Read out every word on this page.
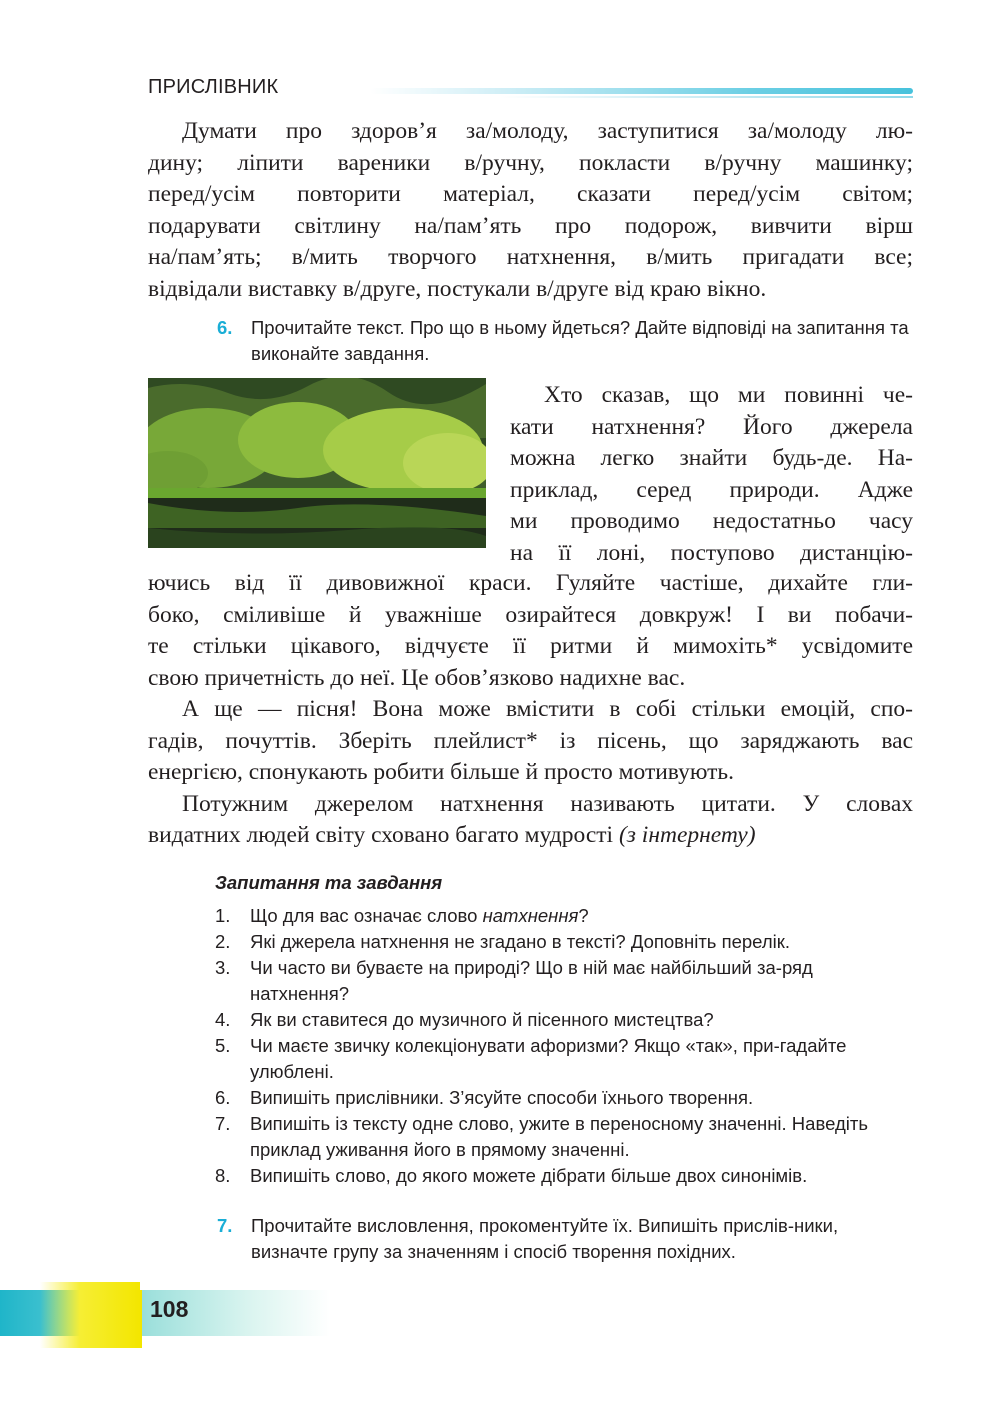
ПРИСЛІВНИК
Думати про здоров’я за/молоду, заступитися за/молоду лю-
дину; ліпити вареники в/ручну, покласти в/ручну машинку;
перед/усім повторити матеріал, сказати перед/усім світом;
подарувати світлину на/пам’ять про подорож, вивчити вірш
на/пам’ять; в/мить творчого натхнення, в/мить пригадати все;
відвідали виставку в/друге, постукали в/друге від краю вікно.
6. Прочитайте текст. Про що в ньому йдеться? Дайте відповіді на запитання та виконайте завдання.
Хто сказав, що ми повинні че-
кати натхнення? Його джерела
можна легко знайти будь-де. На-
приклад, серед природи. Адже
ми проводимо недостатньо часу
на її лоні, поступово дистанцію-
ючись від її дивовижної краси. Гуляйте частіше, дихайте гли-
боко, сміливіше й уважніше озирайтеся довкруж! І ви побачи-
те стільки цікавого, відчуєте її ритми й мимохіть* усвідомите
свою причетність до неї. Це обов’язково надихне вас.
А ще — пісня! Вона може вмістити в собі стільки емоцій, спо-
гадів, почуттів. Зберіть плейлист* із пісень, що заряджають вас
енергією, спонукають робити більше й просто мотивують.
Потужним джерелом натхнення називають цитати. У словах
видатних людей світу сховано багато мудрості (з інтернету)
Запитання та завдання
1. Що для вас означає слово натхнення?
2. Які джерела натхнення не згадано в тексті? Доповніть перелік.
3. Чи часто ви буваєте на природі? Що в ній має найбільший за-ряд натхнення?
4. Як ви ставитеся до музичного й пісенного мистецтва?
5. Чи маєте звичку колекціонувати афоризми? Якщо «так», при-гадайте улюблені.
6. Випишіть прислівники. З’ясуйте способи їхнього творення.
7. Випишіть із тексту одне слово, ужите в переносному значенні. Наведіть приклад уживання його в прямому значенні.
8. Випишіть слово, до якого можете дібрати більше двох синонімів.
7. Прочитайте висловлення, прокоментуйте їх. Випишіть прислів-ники, визначте групу за значенням і спосіб творення похідних.
108
